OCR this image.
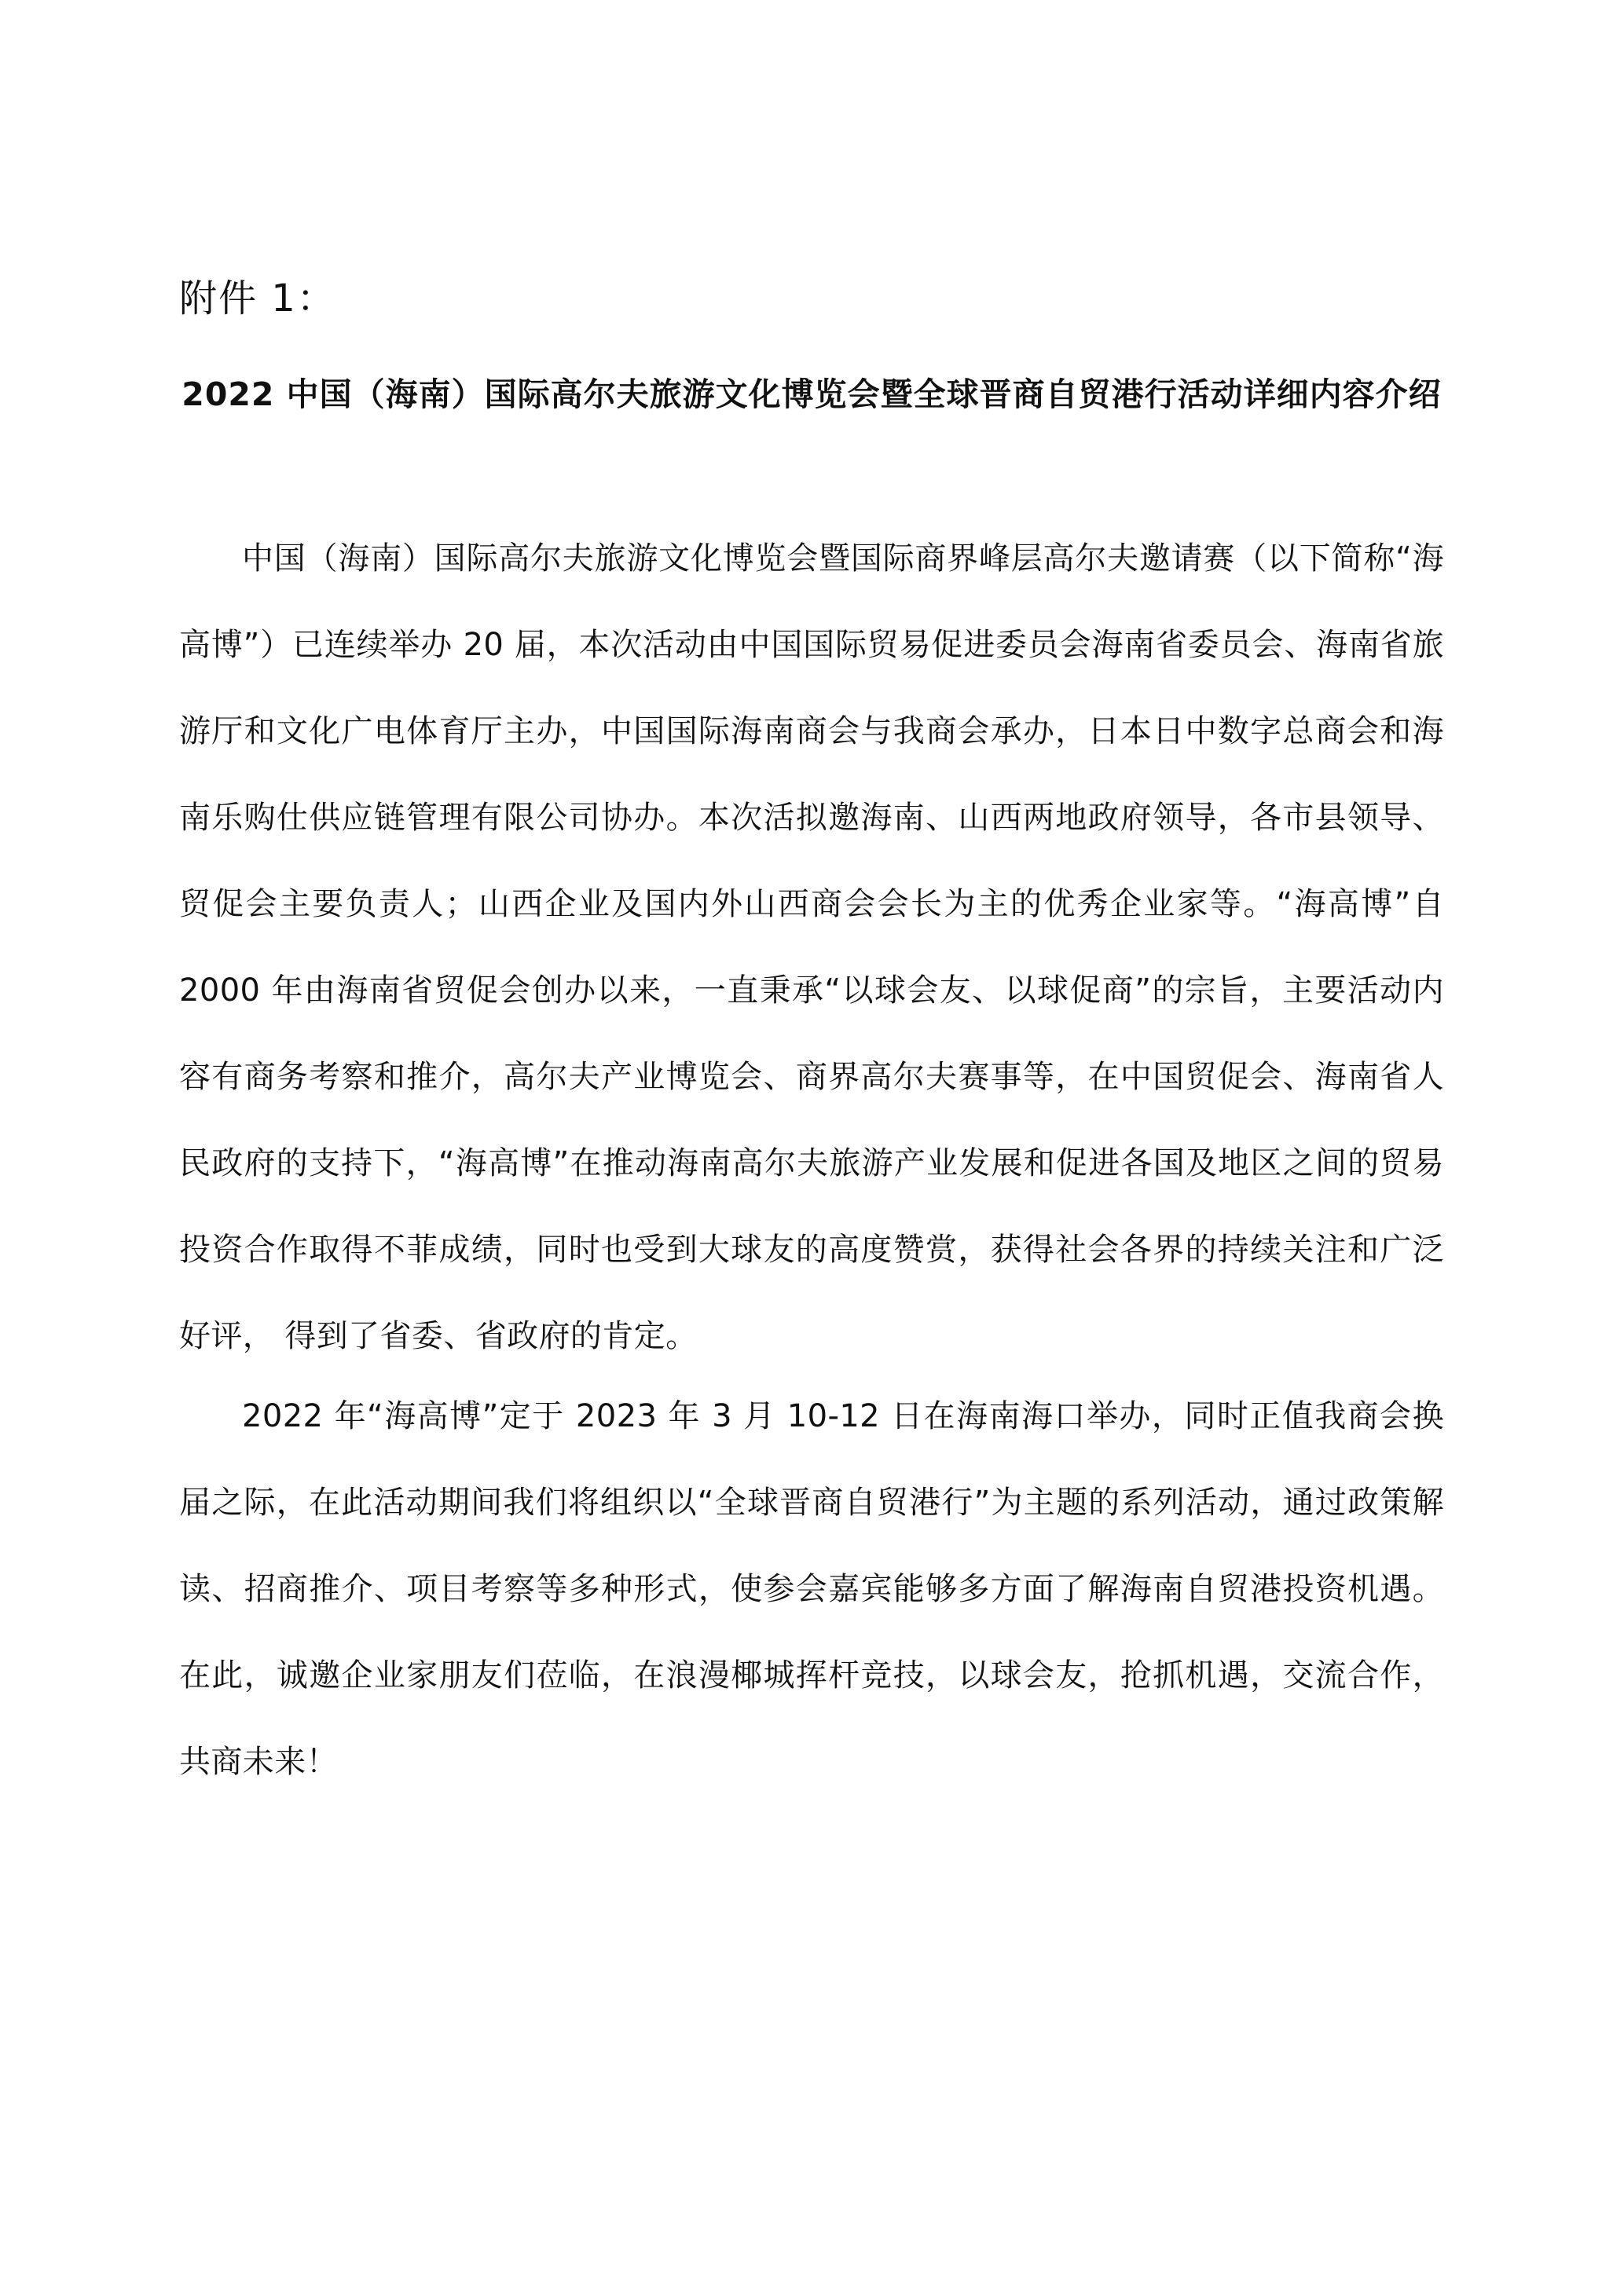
附件 1：
2022 中国（海南）国际高尔夫旅游文化博览会暨全球晋商自贸港行活动详细内容介绍

中国（海南）国际高尔夫旅游文化博览会暨国际商界峰层高尔夫邀请赛（以下简称“海高博”）已连续举办 20 届，本次活动由中国国际贸易促进委员会海南省委员会、海南省旅游厅和文化广电体育厅主办，中国国际海南商会与我商会承办，日本日中数字总商会和海南乐购仕供应链管理有限公司协办。本次活拟邀海南、山西两地政府领导，各市县领导、贸促会主要负责人；山西企业及国内外山西商会会长为主的优秀企业家等。“海高博”自 2000 年由海南省贸促会创办以来，一直秉承“以球会友、以球促商”的宗旨，主要活动内容有商务考察和推介，高尔夫产业博览会、商界高尔夫赛事等，在中国贸促会、海南省人民政府的支持下，“海高博”在推动海南高尔夫旅游产业发展和促进各国及地区之间的贸易投资合作取得不菲成绩，同时也受到大球友的高度赞赏，获得社会各界的持续关注和广泛好评， 得到了省委、省政府的肯定。

2022 年“海高博”定于 2023 年 3 月 10-12 日在海南海口举办，同时正值我商会换届之际，在此活动期间我们将组织以“全球晋商自贸港行”为主题的系列活动，通过政策解读、招商推介、项目考察等多种形式，使参会嘉宾能够多方面了解海南自贸港投资机遇。在此，诚邀企业家朋友们莅临，在浪漫椰城挥杆竞技，以球会友，抢抓机遇，交流合作，共商未来！
